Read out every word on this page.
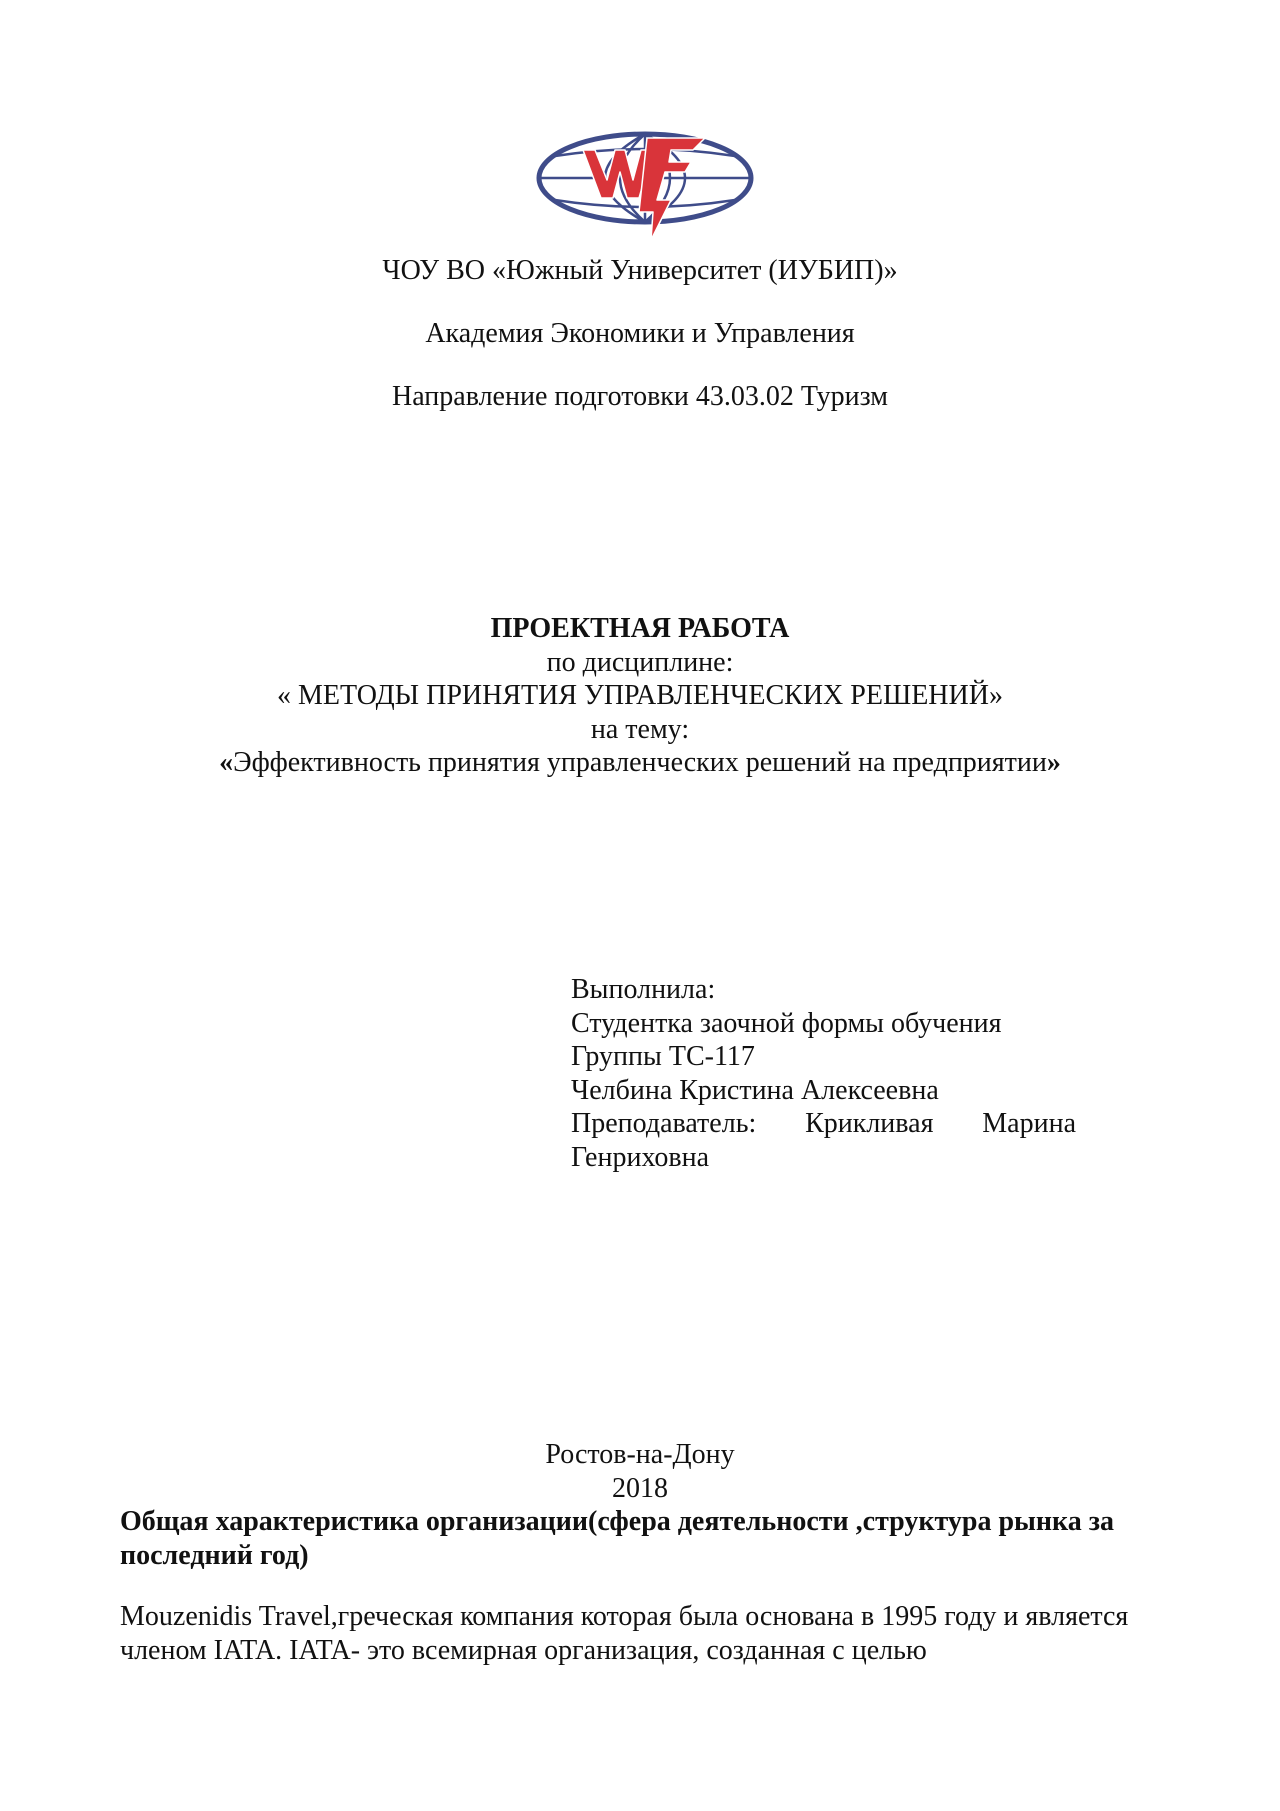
ЧОУ ВО «Южный Университет (ИУБИП)»
Академия Экономики и Управления
Направление подготовки 43.03.02 Туризм
ПРОЕКТНАЯ РАБОТА
по дисциплине:
« МЕТОДЫ ПРИНЯТИЯ УПРАВЛЕНЧЕСКИХ РЕШЕНИЙ»
на тему:
«Эффективность принятия управленческих решений на предприятии»
Выполнила:
Студентка заочной формы обучения
Группы ТС-117
Челбина Кристина Алексеевна

Преподаватель: Крикливая Марина Генриховна

Ростов-на-Дону
2018
Общая характеристика организации(сфера деятельности ,структура рынка за последний год)

Mouzenidis Travel,греческая компания которая была основана в 1995 году и является членом IATA. IATA- это всемирная организация, созданная с целью
